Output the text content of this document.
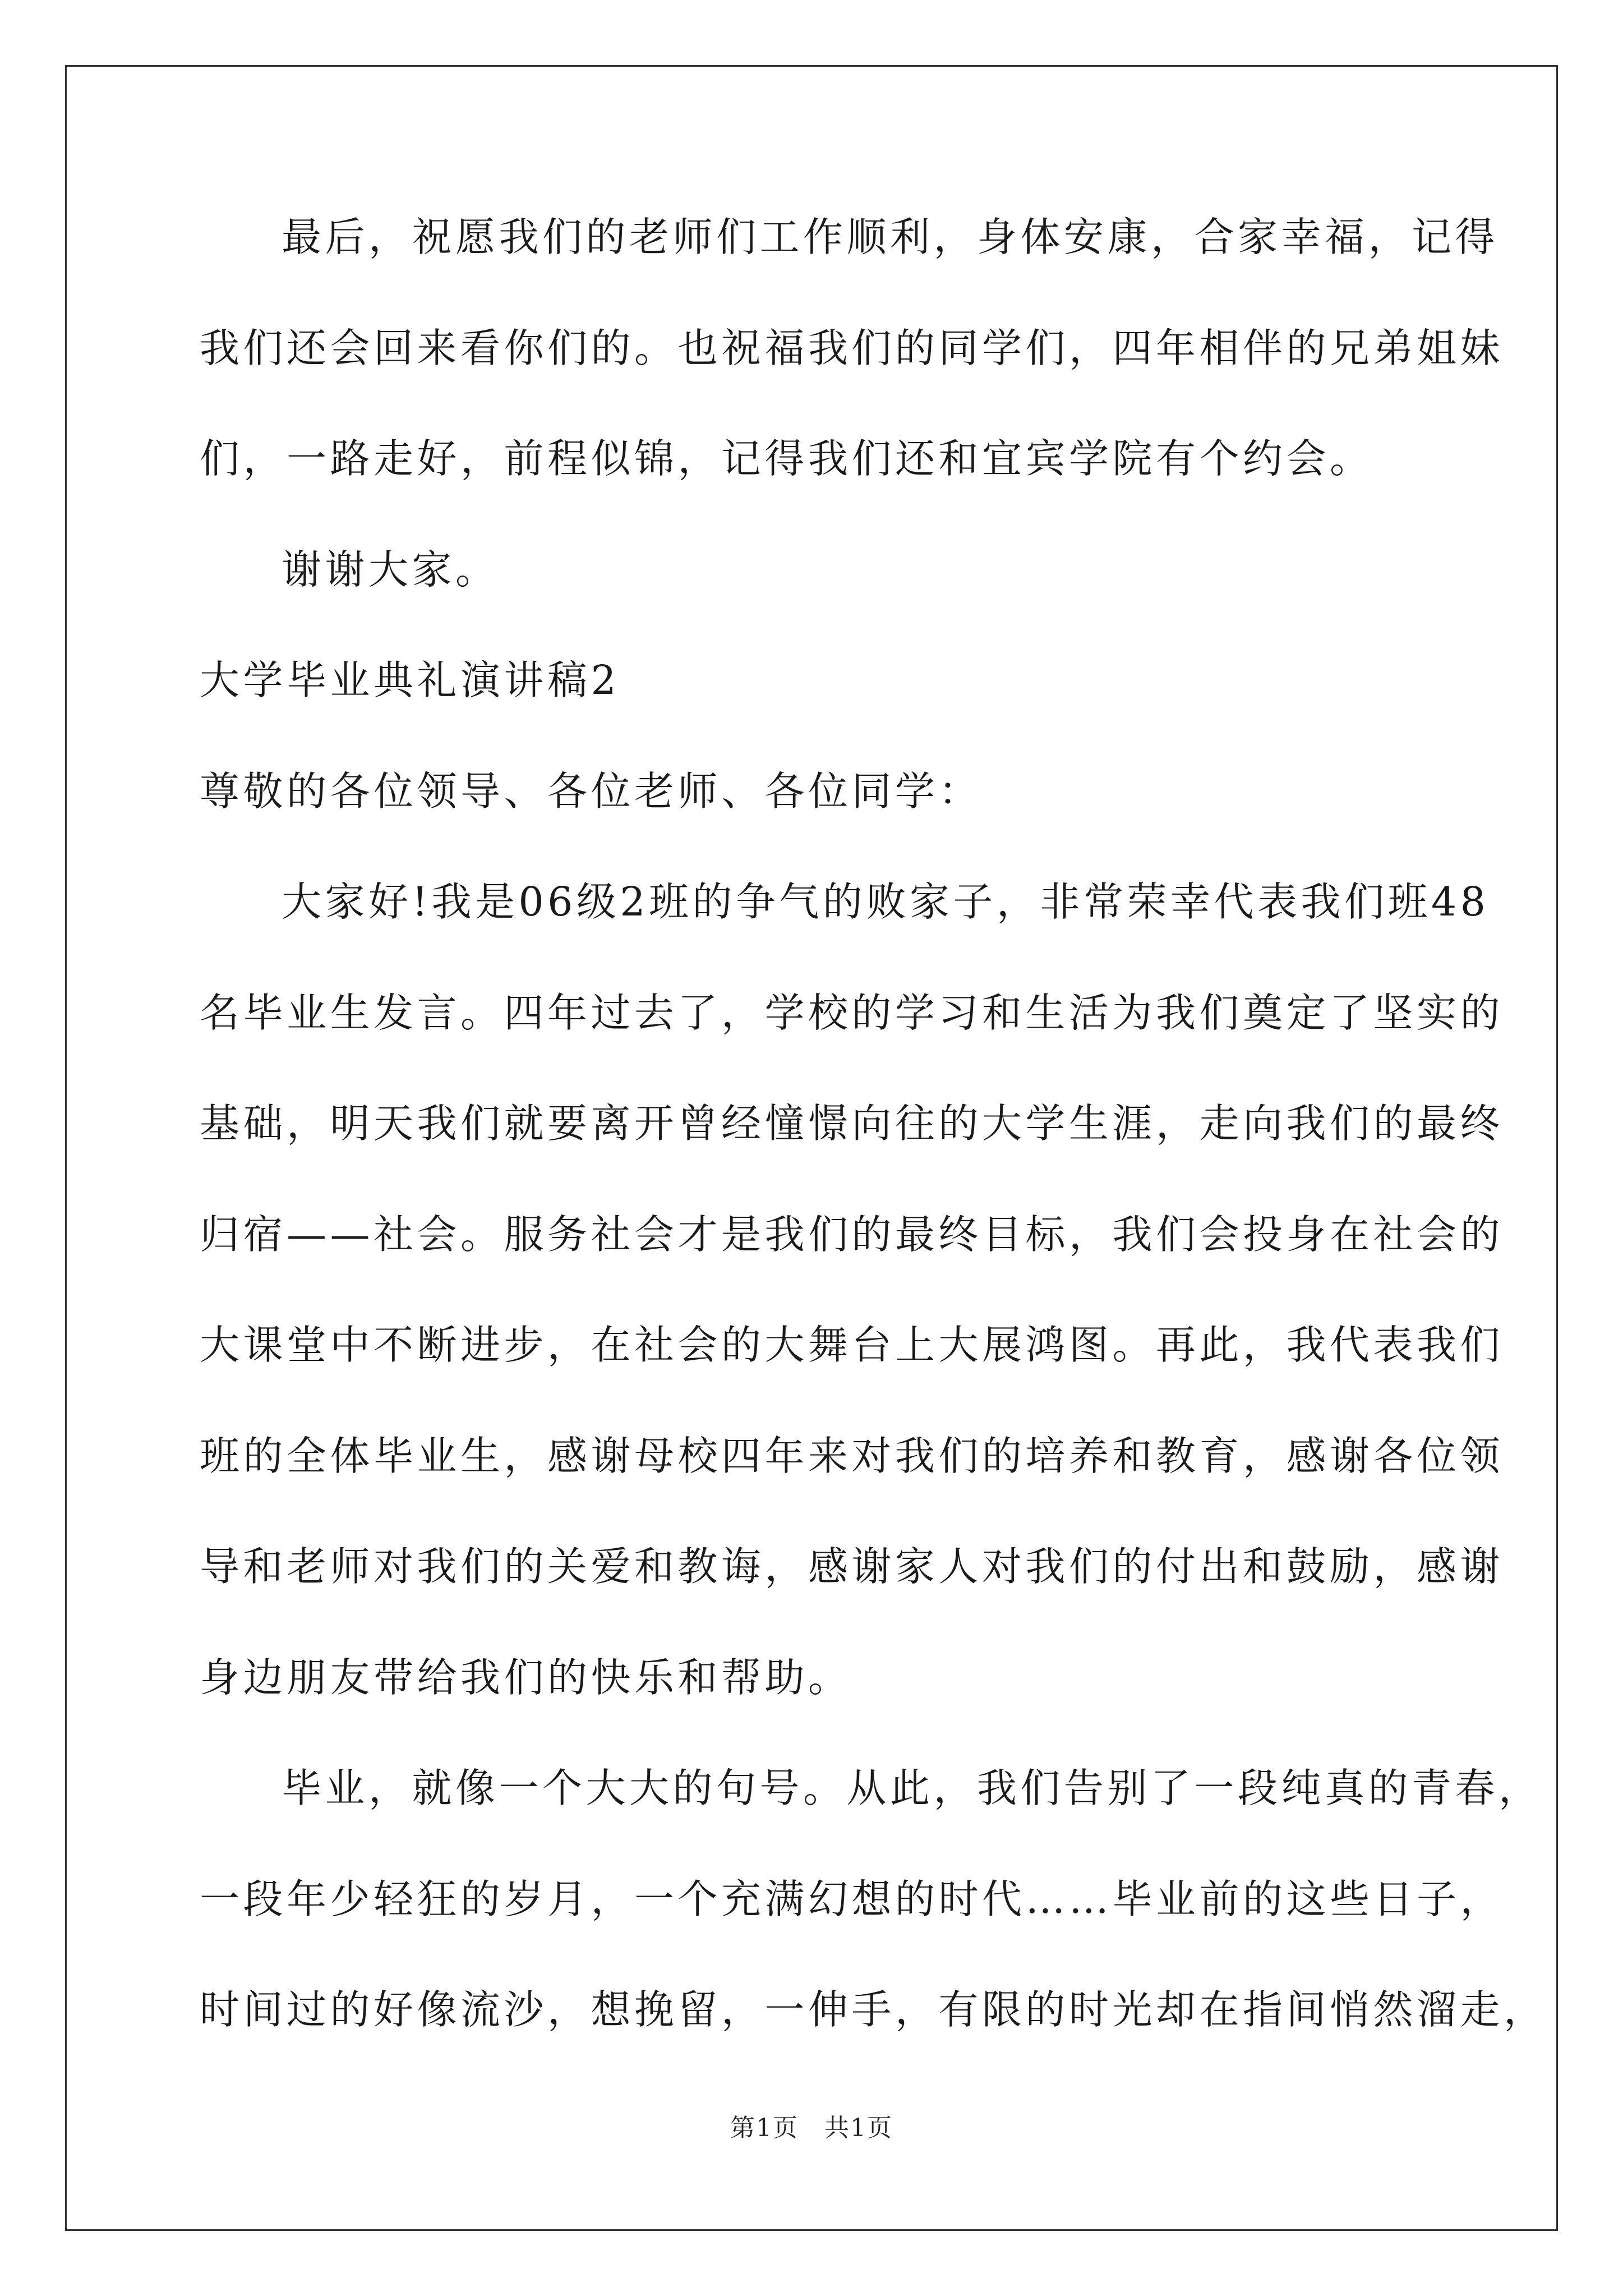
最后，祝愿我们的老师们工作顺利，身体安康，合家幸福，记得
我们还会回来看你们的。也祝福我们的同学们，四年相伴的兄弟姐妹
们，一路走好，前程似锦，记得我们还和宜宾学院有个约会。
谢谢大家。
大学毕业典礼演讲稿2
尊敬的各位领导、各位老师、各位同学：
大家好!我是06级2班的争气的败家子，非常荣幸代表我们班48
名毕业生发言。四年过去了，学校的学习和生活为我们奠定了坚实的
基础，明天我们就要离开曾经憧憬向往的大学生涯，走向我们的最终
归宿——社会。服务社会才是我们的最终目标，我们会投身在社会的
大课堂中不断进步，在社会的大舞台上大展鸿图。再此，我代表我们
班的全体毕业生，感谢母校四年来对我们的培养和教育，感谢各位领
导和老师对我们的关爱和教诲，感谢家人对我们的付出和鼓励，感谢
身边朋友带给我们的快乐和帮助。
毕业，就像一个大大的句号。从此，我们告别了一段纯真的青春，
一段年少轻狂的岁月，一个充满幻想的时代……毕业前的这些日子，
时间过的好像流沙，想挽留，一伸手，有限的时光却在指间悄然溜走，
第1页　共1页
